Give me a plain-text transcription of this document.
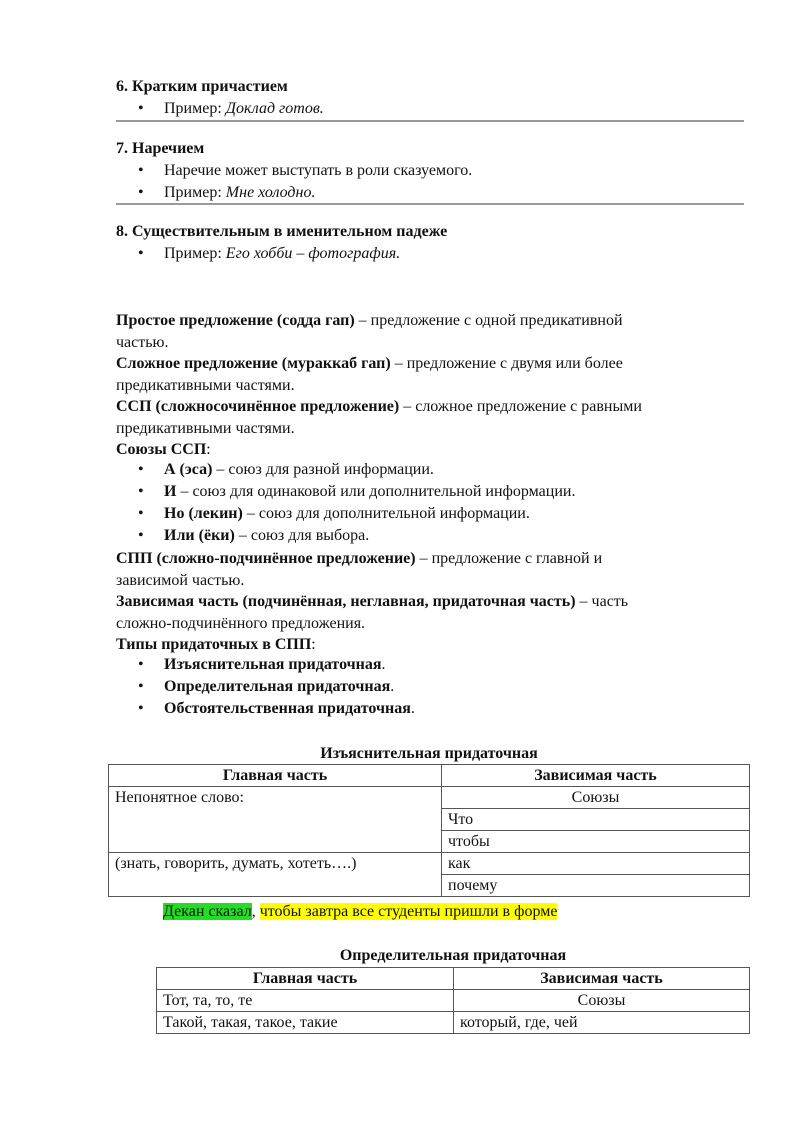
6. Кратким причастием
• Пример: Доклад готов.
7. Наречием
• Наречие может выступать в роли сказуемого.
• Пример: Мне холодно.
8. Существительным в именительном падеже
• Пример: Его хобби – фотография.
Простое предложение (содда гап) – предложение с одной предикативной
частью.
Сложное предложение (мураккаб гап) – предложение с двумя или более
предикативными частями.
ССП (сложносочинённое предложение) – сложное предложение с равными
предикативными частями.
Союзы ССП:
• А (эса) – союз для разной информации.
• И – союз для одинаковой или дополнительной информации.
• Но (лекин) – союз для дополнительной информации.
• Или (ёки) – союз для выбора.
СПП (сложно-подчинённое предложение) – предложение с главной и
зависимой частью.
Зависимая часть (подчинённая, неглавная, придаточная часть) – часть
сложно-подчинённого предложения.
Типы придаточных в СПП:
• Изъяснительная придаточная.
• Определительная придаточная.
• Обстоятельственная придаточная.
Изъяснительная придаточная
Главная часть	Зависимая часть
Непонятное слово:	Союзы
	Что
	чтобы
(знать, говорить, думать, хотеть….)	как
	почему
Декан сказал, чтобы завтра все студенты пришли в форме
Определительная придаточная
Главная часть	Зависимая часть
Тот, та, то, те	Союзы
Такой, такая, такое, такие	который, где, чей
